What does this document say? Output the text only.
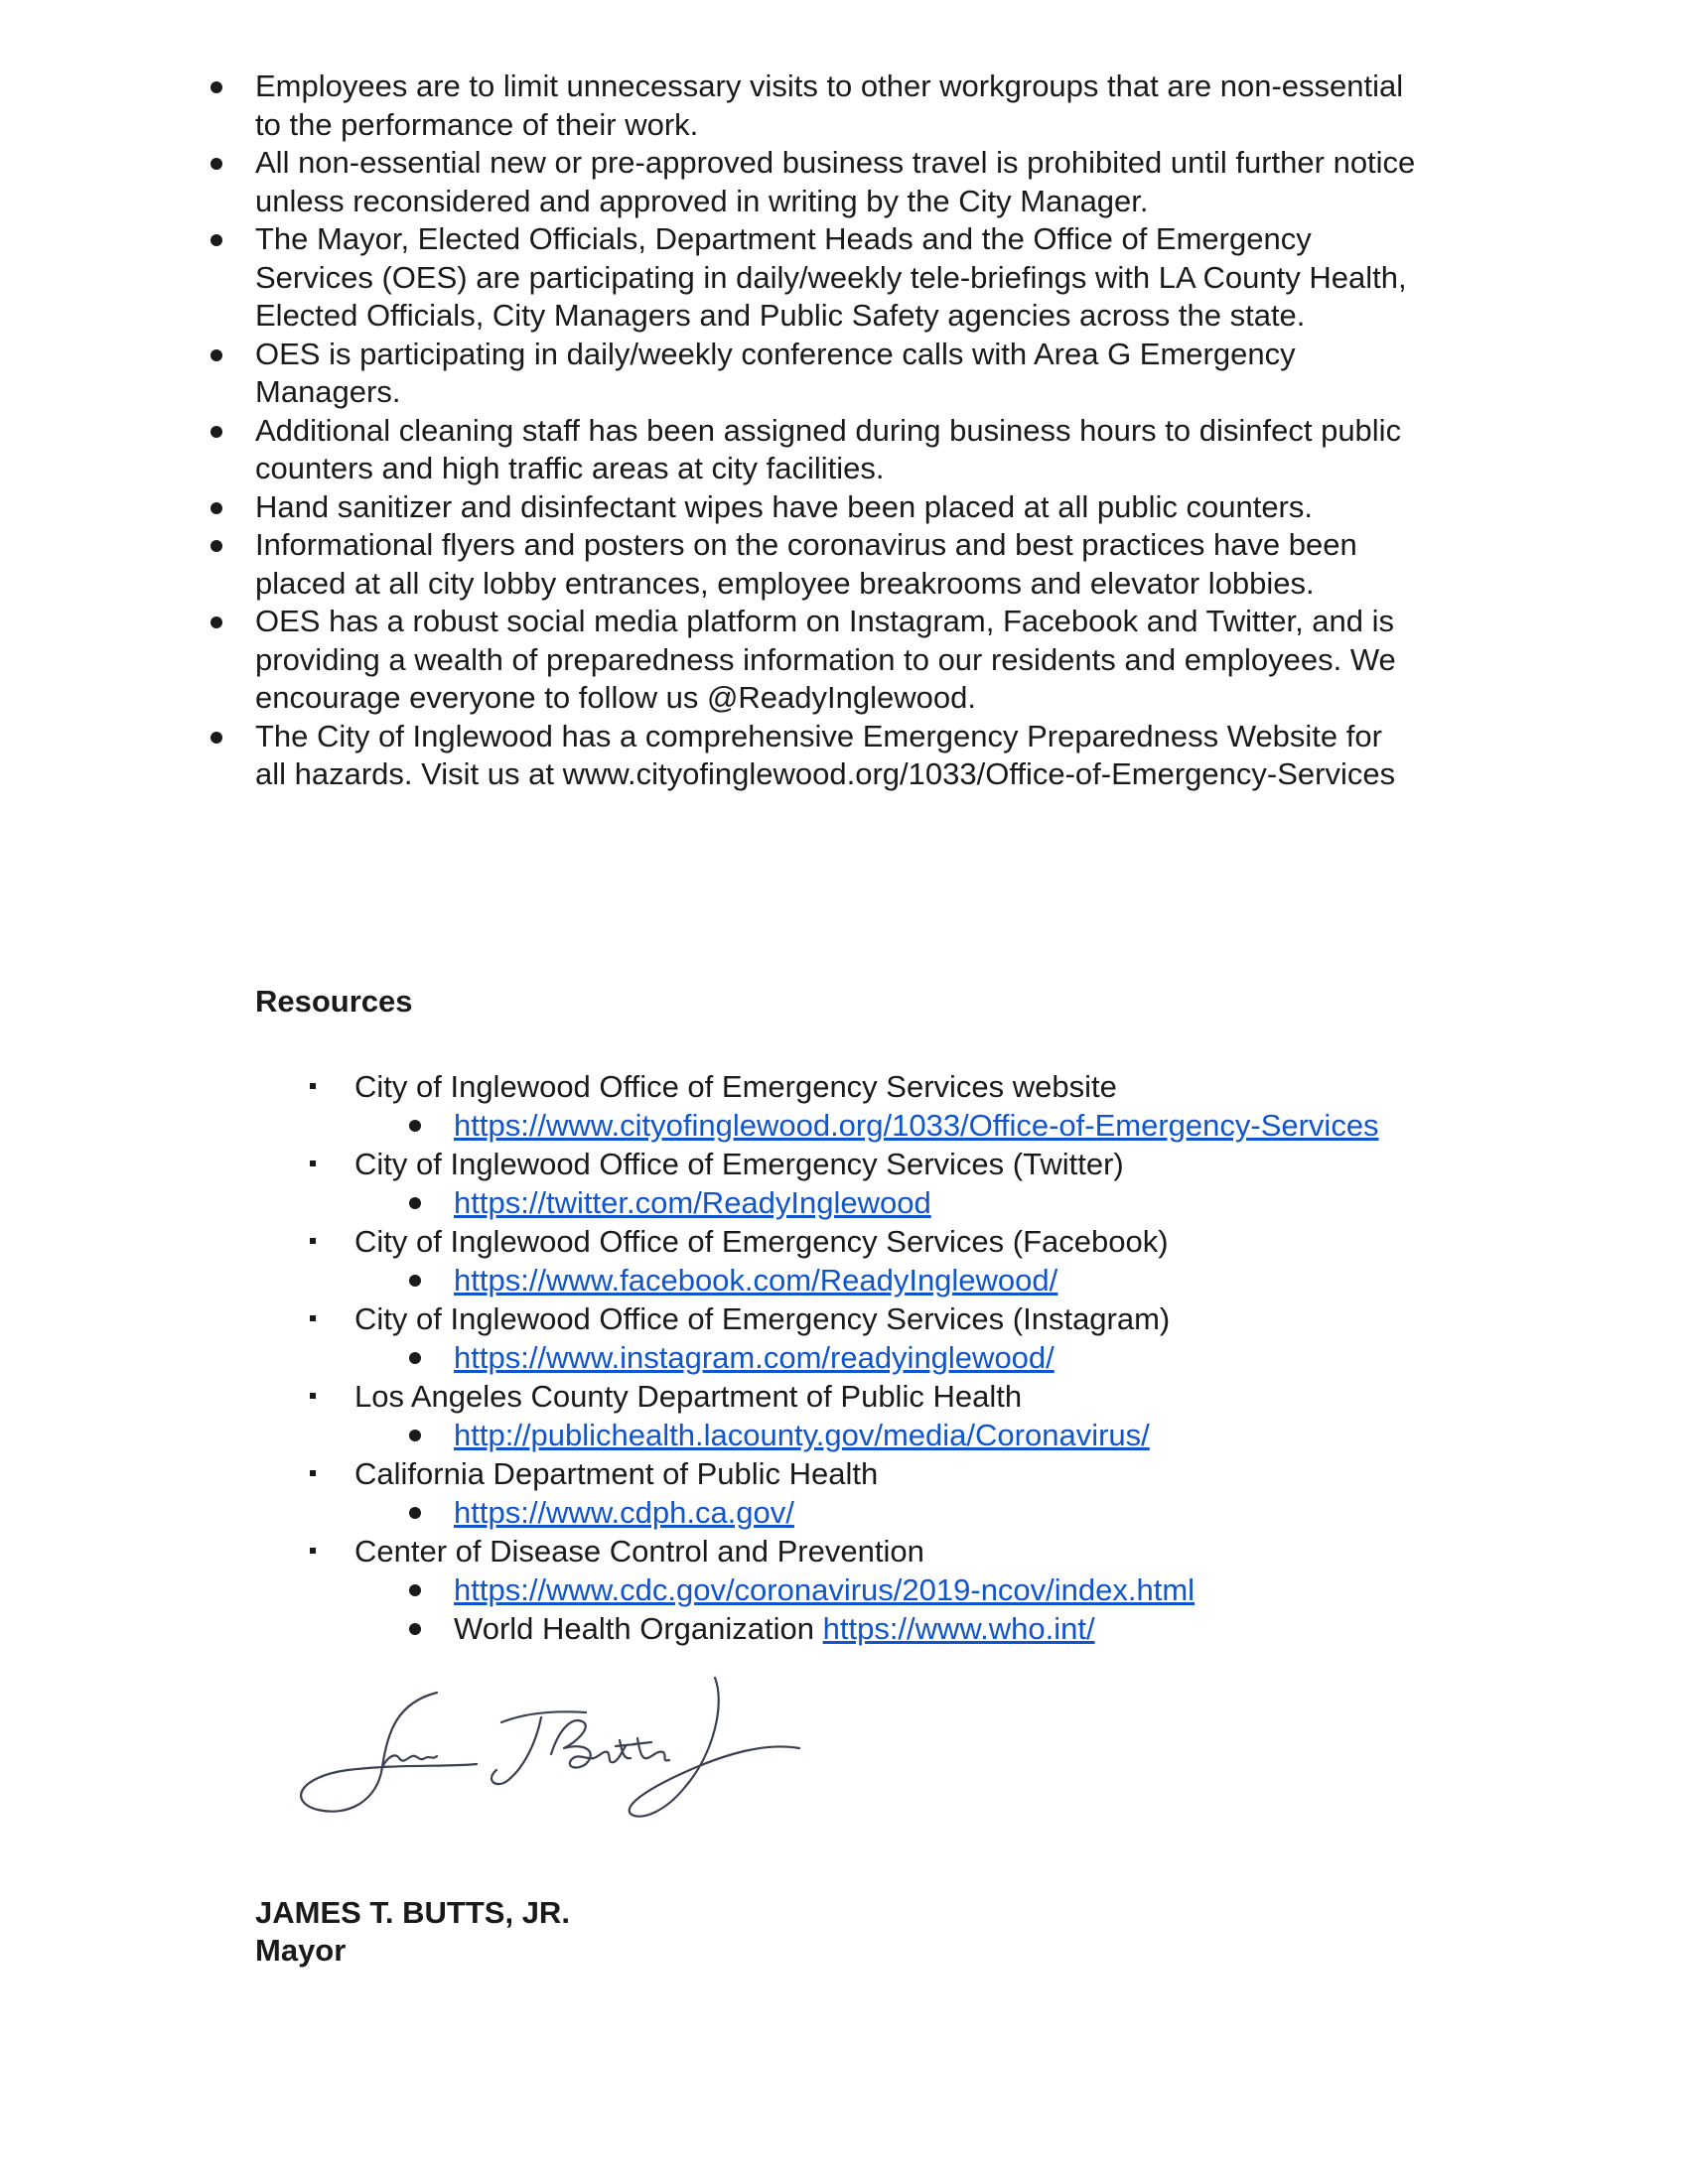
Employees are to limit unnecessary visits to other workgroups that are non-essential to the performance of their work.
All non-essential new or pre-approved business travel is prohibited until further notice unless reconsidered and approved in writing by the City Manager.
The Mayor, Elected Officials, Department Heads and the Office of Emergency Services (OES) are participating in daily/weekly tele-briefings with LA County Health, Elected Officials, City Managers and Public Safety agencies across the state.
OES is participating in daily/weekly conference calls with Area G Emergency Managers.
Additional cleaning staff has been assigned during business hours to disinfect public counters and high traffic areas at city facilities.
Hand sanitizer and disinfectant wipes have been placed at all public counters.
Informational flyers and posters on the coronavirus and best practices have been placed at all city lobby entrances, employee breakrooms and elevator lobbies.
OES has a robust social media platform on Instagram, Facebook and Twitter, and is providing a wealth of preparedness information to our residents and employees. We encourage everyone to follow us @ReadyInglewood.
The City of Inglewood has a comprehensive Emergency Preparedness Website for all hazards. Visit us at www.cityofinglewood.org/1033/Office-of-Emergency-Services
Resources
City of Inglewood Office of Emergency Services website
https://www.cityofinglewood.org/1033/Office-of-Emergency-Services
City of Inglewood Office of Emergency Services (Twitter)
https://twitter.com/ReadyInglewood
City of Inglewood Office of Emergency Services (Facebook)
https://www.facebook.com/ReadyInglewood/
City of Inglewood Office of Emergency Services (Instagram)
https://www.instagram.com/readyinglewood/
Los Angeles County Department of Public Health
http://publichealth.lacounty.gov/media/Coronavirus/
California Department of Public Health
https://www.cdph.ca.gov/
Center of Disease Control and Prevention
https://www.cdc.gov/coronavirus/2019-ncov/index.html
World Health Organization https://www.who.int/
JAMES T. BUTTS, JR.
Mayor
